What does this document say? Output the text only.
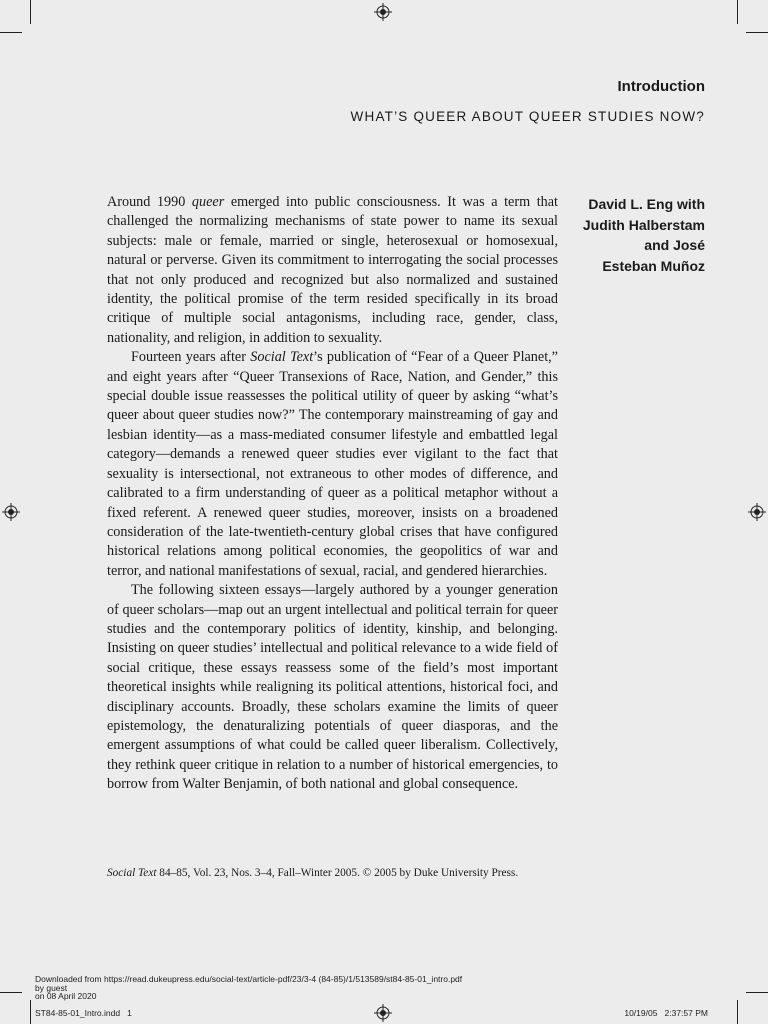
Introduction
WHAT’S QUEER ABOUT QUEER STUDIES NOW?
David L. Eng with
Judith Halberstam
and José
Esteban Muñoz

Around 1990 queer emerged into public consciousness. It was a term that challenged the normalizing mechanisms of state power to name its sexual subjects: male or female, married or single, heterosexual or homosexual, natural or perverse. Given its commitment to interrogating the social processes that not only produced and recognized but also normalized and sustained identity, the political promise of the term resided specifically in its broad critique of multiple social antagonisms, including race, gender, class, nationality, and religion, in addition to sexuality.

Fourteen years after Social Text’s publication of “Fear of a Queer Planet,” and eight years after “Queer Transexions of Race, Nation, and Gender,” this special double issue reassesses the political utility of queer by asking “what’s queer about queer studies now?” The contemporary mainstreaming of gay and lesbian identity—as a mass-mediated consumer lifestyle and embattled legal category—demands a renewed queer studies ever vigilant to the fact that sexuality is intersectional, not extraneous to other modes of difference, and calibrated to a firm understanding of queer as a political metaphor without a fixed referent. A renewed queer studies, moreover, insists on a broadened consideration of the late-twentieth-century global crises that have configured historical relations among political economies, the geopolitics of war and terror, and national manifestations of sexual, racial, and gendered hierarchies.

The following sixteen essays—largely authored by a younger generation of queer scholars—map out an urgent intellectual and political terrain for queer studies and the contemporary politics of identity, kinship, and belonging. Insisting on queer studies’ intellectual and political relevance to a wide field of social critique, these essays reassess some of the field’s most important theoretical insights while realigning its political attentions, historical foci, and disciplinary accounts. Broadly, these scholars examine the limits of queer epistemology, the denaturalizing potentials of queer diasporas, and the emergent assumptions of what could be called queer liberalism. Collectively, they rethink queer critique in relation to a number of historical emergencies, to borrow from Walter Benjamin, of both national and global consequence.

Social Text 84–85, Vol. 23, Nos. 3–4, Fall–Winter 2005. © 2005 by Duke University Press.
Downloaded from https://read.dukeupress.edu/social-text/article-pdf/23/3-4 (84-85)/1/513589/st84-85-01_intro.pdf
by guest
on 08 April 2020
ST84-85-01_Intro.indd   1	10/19/05   2:37:57 PM
